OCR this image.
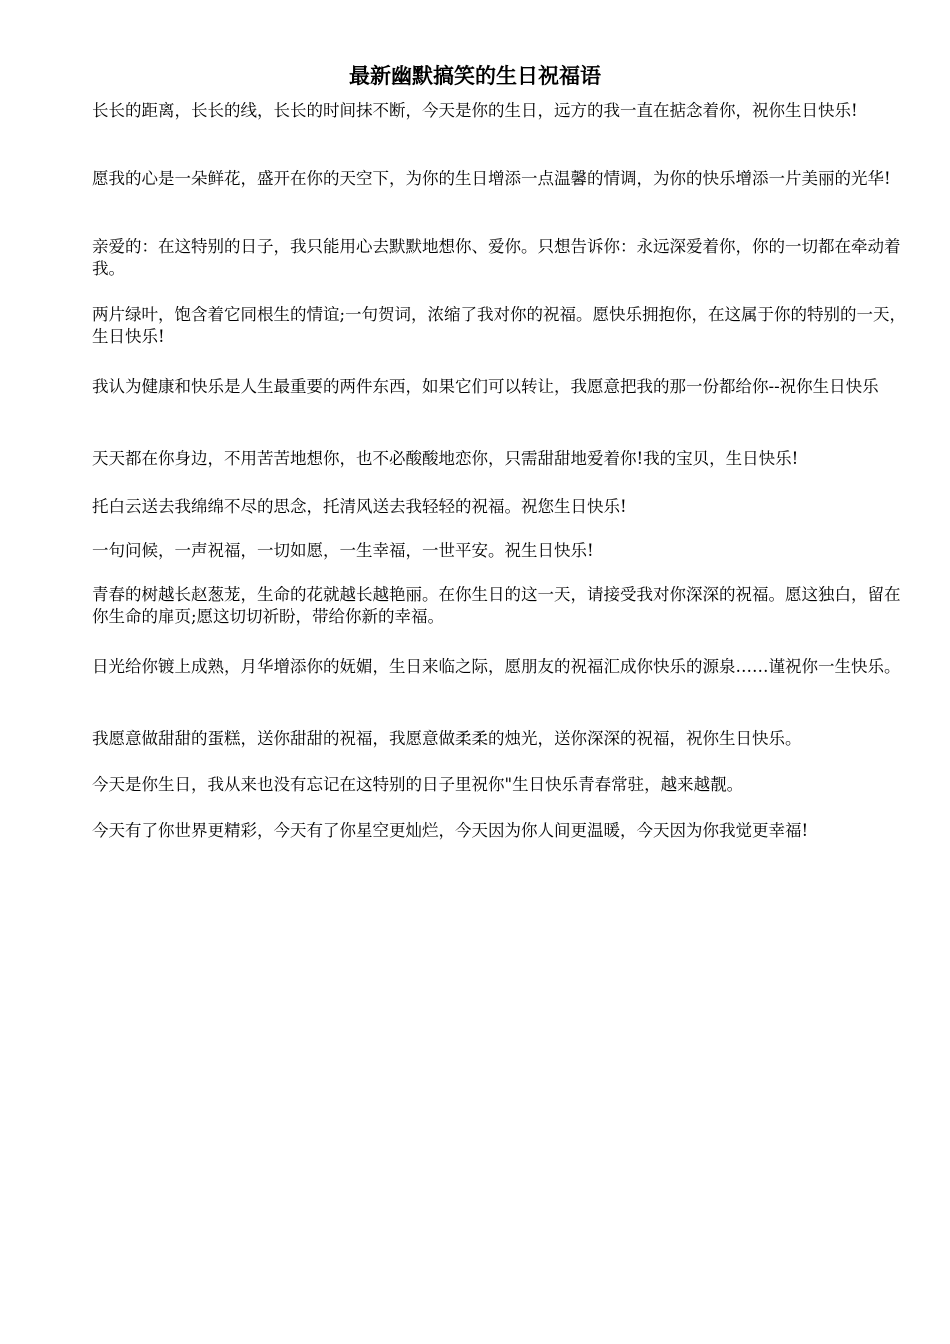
最新幽默搞笑的生日祝福语

长长的距离，长长的线，长长的时间抹不断，今天是你的生日，远方的我一直在掂念着你，祝你生日快乐!

愿我的心是一朵鲜花，盛开在你的天空下，为你的生日增添一点温馨的情调，为你的快乐增添一片美丽的光华!

亲爱的：在这特别的日子，我只能用心去默默地想你、爱你。只想告诉你：永远深爱着你，你的一切都在牵动着我。

两片绿叶，饱含着它同根生的情谊;一句贺词，浓缩了我对你的祝福。愿快乐拥抱你，在这属于你的特别的一天，生日快乐!

我认为健康和快乐是人生最重要的两件东西，如果它们可以转让，我愿意把我的那一份都给你--祝你生日快乐

天天都在你身边，不用苦苦地想你，也不必酸酸地恋你，只需甜甜地爱着你!我的宝贝，生日快乐!

托白云送去我绵绵不尽的思念，托清风送去我轻轻的祝福。祝您生日快乐!

一句问候，一声祝福，一切如愿，一生幸福，一世平安。祝生日快乐!

青春的树越长赵葱茏，生命的花就越长越艳丽。在你生日的这一天，请接受我对你深深的祝福。愿这独白，留在你生命的扉页;愿这切切祈盼，带给你新的幸福。

日光给你镀上成熟，月华增添你的妩媚，生日来临之际，愿朋友的祝福汇成你快乐的源泉……谨祝你一生快乐。

我愿意做甜甜的蛋糕，送你甜甜的祝福，我愿意做柔柔的烛光，送你深深的祝福，祝你生日快乐。

今天是你生日，我从来也没有忘记在这特别的日子里祝你"生日快乐青春常驻，越来越靓。

今天有了你世界更精彩，今天有了你星空更灿烂，今天因为你人间更温暖，今天因为你我觉更幸福!
